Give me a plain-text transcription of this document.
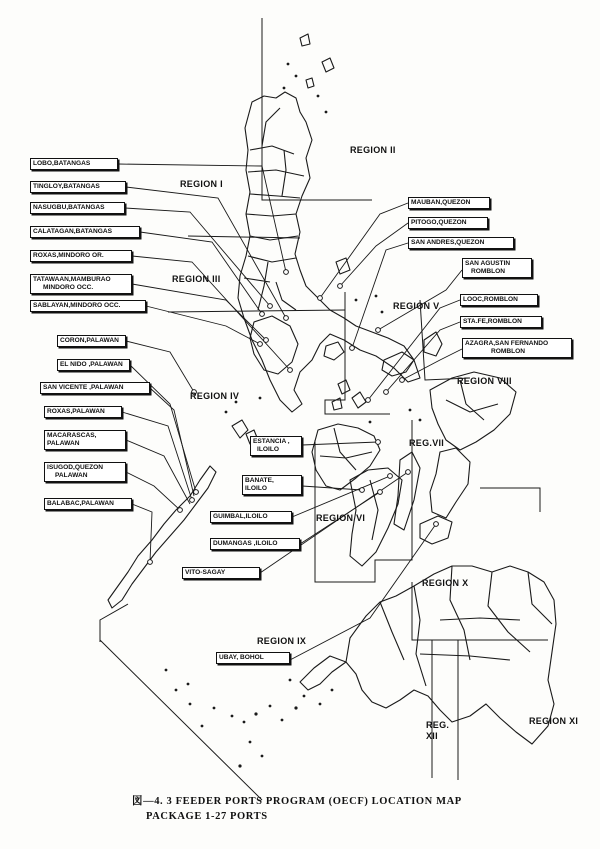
REGION II
REGION I
REGION III
REGION V
REGION IV
REGION VIII
REG.VII
REGION VI
REGION X
REGION IX
REGION XI
REG.
XII
LOBO,BATANGAS
TINGLOY,BATANGAS
NASUGBU,BATANGAS
CALATAGAN,BATANGAS
ROXAS,MINDORO OR.
TATAWAAN,MAMBURAO
MINDORO OCC.
SABLAYAN,MINDORO OCC.
CORON,PALAWAN
EL NIDO ,PALAWAN
SAN VICENTE ,PALAWAN
ROXAS,PALAWAN
MACARASCAS,
PALAWAN
ISUGOD,QUEZON
PALAWAN
BALABAC,PALAWAN
MAUBAN,QUEZON
PITOGO,QUEZON
SAN ANDRES,QUEZON
SAN AGUSTIN
ROMBLON
LOOC,ROMBLON
STA.FE,ROMBLON
AZAGRA,SAN FERNANDO
ROMBLON
ESTANCIA ,
ILOILO
BANATE,
ILOILO
GUIMBAL,ILOILO
DUMANGAS ,ILOILO
VITO-SAGAY
UBAY, BOHOL
図—4. 3 FEEDER PORTS PROGRAM (OECF) LOCATION MAP
PACKAGE 1-27 PORTS
